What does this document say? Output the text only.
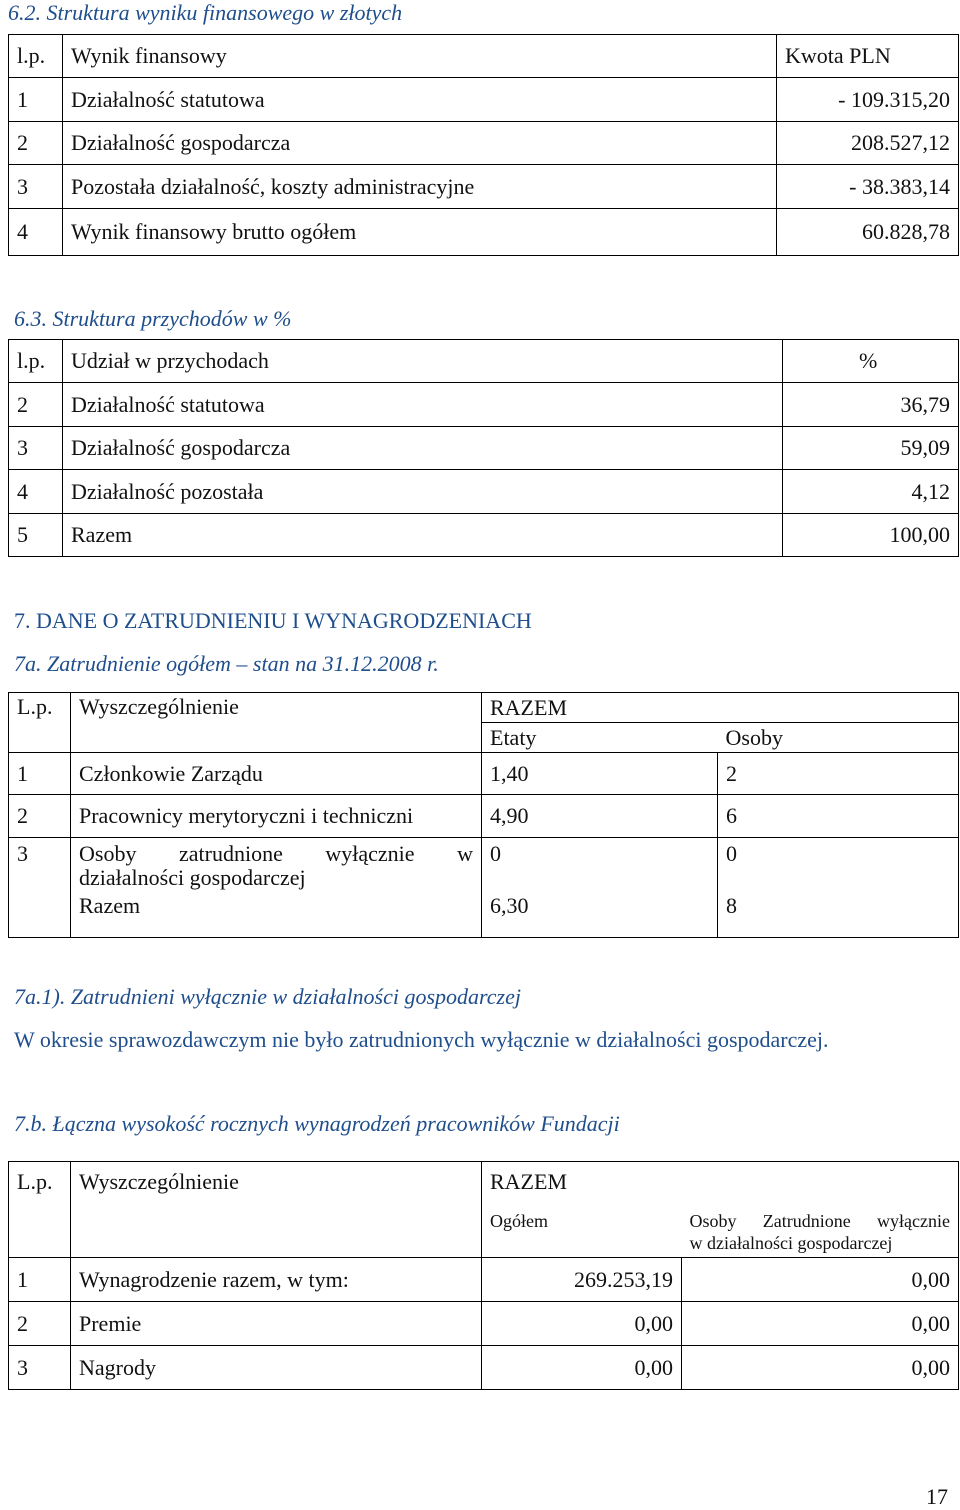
6.2. Struktura wyniku finansowego w złotych
l.p.	Wynik finansowy	Kwota PLN
1	Działalność statutowa	- 109.315,20
2	Działalność gospodarcza	208.527,12
3	Pozostała działalność, koszty administracyjne	- 38.383,14
4	Wynik finansowy brutto ogółem	60.828,78
6.3. Struktura przychodów w %
l.p.	Udział w przychodach	%
2	Działalność statutowa	36,79
3	Działalność gospodarcza	59,09
4	Działalność pozostała	4,12
5	Razem	100,00
7. DANE O ZATRUDNIENIU I WYNAGRODZENIACH
7a. Zatrudnienie ogółem – stan na 31.12.2008 r.
L.p.	Wyszczególnienie	RAZEM	
		Etaty	Osoby
1	Członkowie Zarządu	1,40	2
2	Pracownicy merytoryczni i techniczni	4,90	6
3	Osoby zatrudnione wyłącznie w
działalności gospodarczej	0	0
	Razem	6,30	8
7a.1). Zatrudnieni wyłącznie w działalności gospodarczej
W okresie sprawozdawczym nie było zatrudnionych wyłącznie w działalności gospodarczej.
7.b. Łączna wysokość rocznych wynagrodzeń pracowników Fundacji
L.p.	Wyszczególnienie	RAZEM	
		Ogółem	Osoby Zatrudnione wyłącznie
w działalności gospodarczej

1	Wynagrodzenie razem, w tym:	269.253,19	0,00
2	Premie	0,00	0,00
3	Nagrody	0,00	0,00
17
